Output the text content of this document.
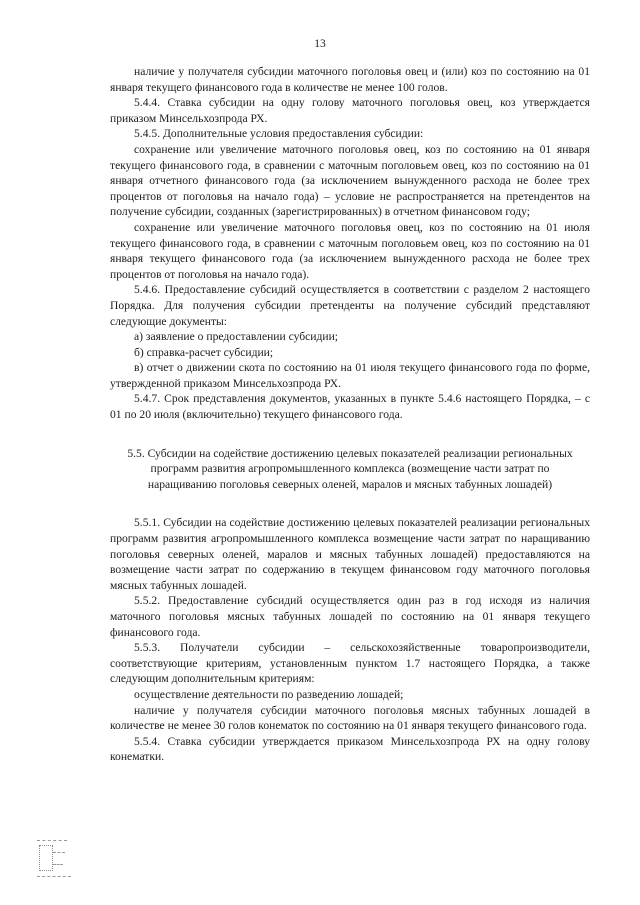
13

наличие у получателя субсидии маточного поголовья овец и (или) коз по состоянию на 01 января текущего финансового года в количестве не менее 100 голов.

5.4.4. Ставка субсидии на одну голову маточного поголовья овец, коз утверждается приказом Минсельхозпрода РХ.

5.4.5. Дополнительные условия предоставления субсидии:

сохранение или увеличение маточного поголовья овец, коз по состоянию на 01 января текущего финансового года, в сравнении с маточным поголовьем овец, коз по состоянию на 01 января отчетного финансового года (за исключением вынужденного расхода не более трех процентов от поголовья на начало года) – условие не распространяется на претендентов на получение субсидии, созданных (зарегистрированных) в отчетном финансовом году;

сохранение или увеличение маточного поголовья овец, коз по состоянию на 01 июля текущего финансового года, в сравнении с маточным поголовьем овец, коз по состоянию на 01 января текущего финансового года (за исключением вынужденного расхода не более трех процентов от поголовья на начало года).

5.4.6. Предоставление субсидий осуществляется в соответствии с разделом 2 настоящего Порядка. Для получения субсидии претенденты на получение субсидий представляют следующие документы:

а) заявление о предоставлении субсидии;

б) справка-расчет субсидии;

в) отчет о движении скота по состоянию на 01 июля текущего финансового года по форме, утвержденной приказом Минсельхозпрода РХ.

5.4.7. Срок представления документов, указанных в пункте 5.4.6 настоящего Порядка, – с 01 по 20 июля (включительно) текущего финансового года.

5.5. Субсидии на содействие достижению целевых показателей реализации региональных программ развития агропромышленного комплекса (возмещение части затрат по наращиванию поголовья северных оленей, маралов и мясных табунных лошадей)

5.5.1. Субсидии на содействие достижению целевых показателей реализации региональных программ развития агропромышленного комплекса возмещение части затрат по наращиванию поголовья северных оленей, маралов и мясных табунных лошадей) предоставляются на возмещение части затрат по содержанию в текущем финансовом году маточного поголовья мясных табунных лошадей.

5.5.2. Предоставление субсидий осуществляется один раз в год исходя из наличия маточного поголовья мясных табунных лошадей по состоянию на 01 января текущего финансового года.

5.5.3. Получатели субсидии – сельскохозяйственные товаропроизводители, соответствующие критериям, установленным пунктом 1.7 настоящего Порядка, а также следующим дополнительным критериям:

осуществление деятельности по разведению лошадей;

наличие у получателя субсидии маточного поголовья мясных табунных лошадей в количестве не менее 30 голов конематок по состоянию на 01 января текущего финансового года.

5.5.4. Ставка субсидии утверждается приказом Минсельхозпрода РХ на одну голову конематки.
